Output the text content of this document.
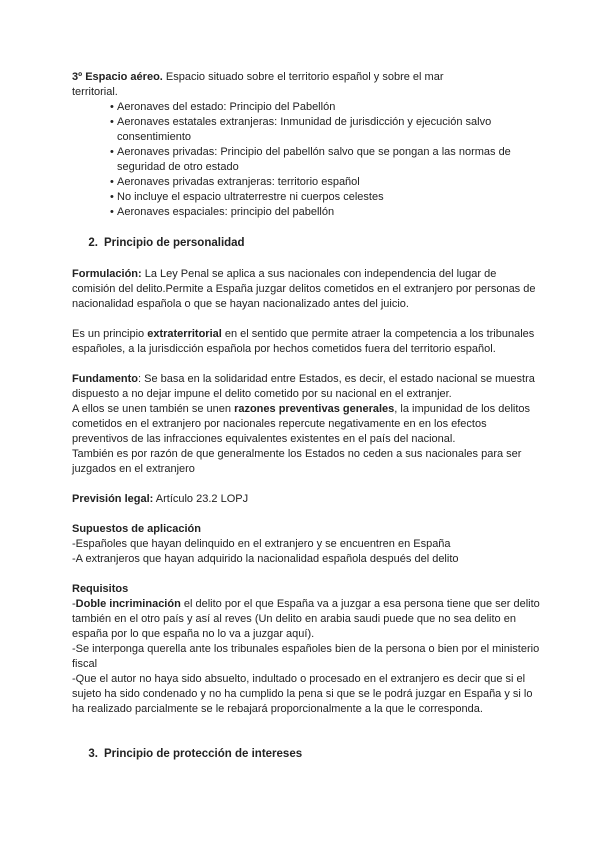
3º Espacio aéreo. Espacio situado sobre el territorio español y sobre el mar

territorial.

• Aeronaves del estado: Principio del Pabellón
• Aeronaves estatales extranjeras: Inmunidad de jurisdicción y ejecución salvo consentimiento
• Aeronaves privadas: Principio del pabellón salvo que se pongan a las normas de seguridad de otro estado
• Aeronaves privadas extranjeras: territorio español
• No incluye el espacio ultraterrestre ni cuerpos celestes
• Aeronaves espaciales: principio del pabellón

2. Principio de personalidad

Formulación: La Ley Penal se aplica a sus nacionales con independencia del lugar de comisión del delito.Permite a España juzgar delitos cometidos en el extranjero por personas de nacionalidad española o que se hayan nacionalizado antes del juicio.

Es un principio extraterritorial en el sentido que permite atraer la competencia a los tribunales españoles, a la jurisdicción española por hechos cometidos fuera del territorio español.

Fundamento: Se basa en la solidaridad entre Estados, es decir, el estado nacional se muestra dispuesto a no dejar impune el delito cometido por su nacional en el extranjer.

A ellos se unen también se unen razones preventivas generales, la impunidad de los delitos cometidos en el extranjero por nacionales repercute negativamente en en los efectos preventivos de las infracciones equivalentes existentes en el país del nacional.

También es por razón de que generalmente los Estados no ceden a sus nacionales para ser juzgados en el extranjero

Previsión legal: Artículo 23.2 LOPJ

Supuestos de aplicación

-Españoles que hayan delinquido en el extranjero y se encuentren en España

-A extranjeros que hayan adquirido la nacionalidad española después del delito

Requisitos

-Doble incriminación el delito por el que España va a juzgar a esa persona tiene que ser delito también en el otro país y así al reves (Un delito en arabia saudi puede que no sea delito en españa por lo que españa no lo va a juzgar aquí).

-Se interponga querella ante los tribunales españoles bien de la persona o bien por el ministerio fiscal

-Que el autor no haya sido absuelto, indultado o procesado en el extranjero es decir que si el sujeto ha sido condenado y no ha cumplido la pena si que se le podrá juzgar en España y si lo ha realizado parcialmente se le rebajará proporcionalmente a la que le corresponda.

3. Principio de protección de intereses
